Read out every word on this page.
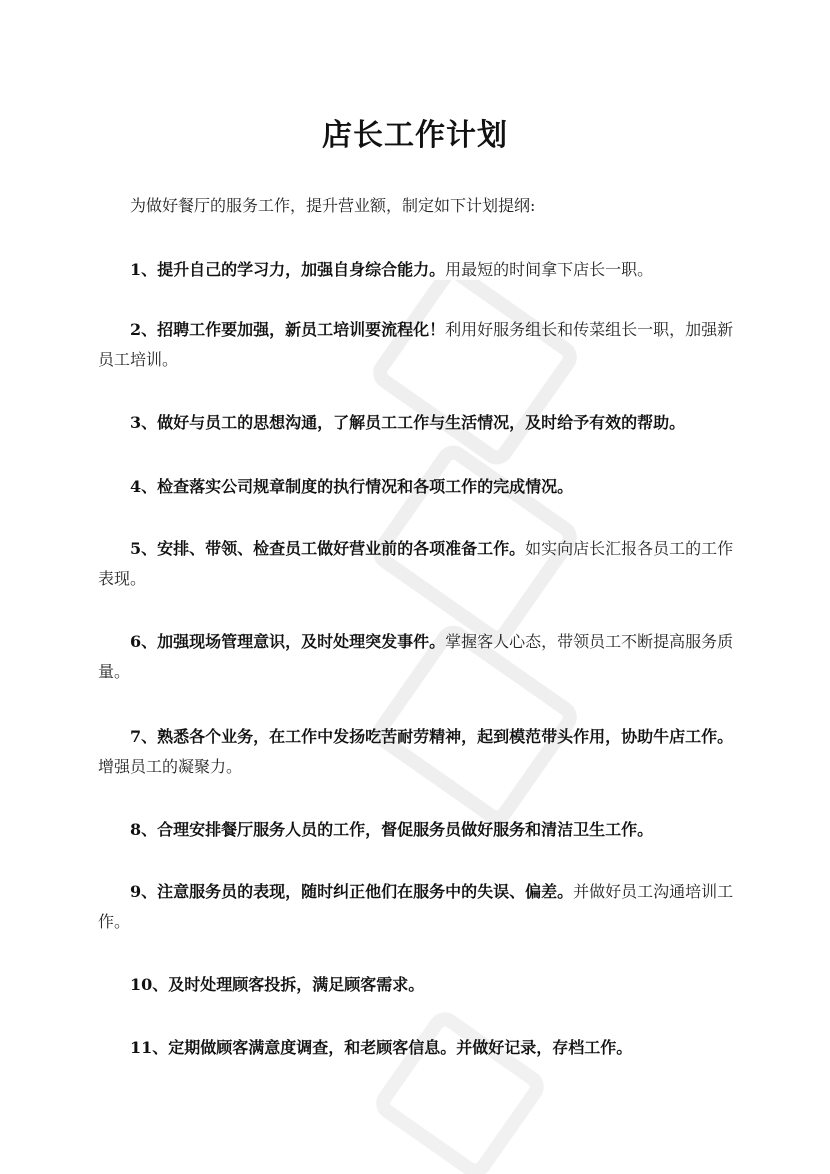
店长工作计划

为做好餐厅的服务工作，提升营业额，制定如下计划提纲:

1、提升自己的学习力，加强自身综合能力。用最短的时间拿下店长一职。

2、招聘工作要加强，新员工培训要流程化！利用好服务组长和传菜组长一职，加强新员工培训。

3、做好与员工的思想沟通，了解员工工作与生活情况，及时给予有效的帮助。

4、检查落实公司规章制度的执行情况和各项工作的完成情况。

5、安排、带领、检查员工做好营业前的各项准备工作。如实向店长汇报各员工的工作表现。

6、加强现场管理意识，及时处理突发事件。掌握客人心态，带领员工不断提高服务质量。

7、熟悉各个业务，在工作中发扬吃苦耐劳精神，起到模范带头作用，协助牛店工作。增强员工的凝聚力。

8、合理安排餐厅服务人员的工作，督促服务员做好服务和清洁卫生工作。

9、注意服务员的表现，随时纠正他们在服务中的失误、偏差。并做好员工沟通培训工作。

10、及时处理顾客投拆，满足顾客需求。

11、定期做顾客满意度调查，和老顾客信息。并做好记录，存档工作。
